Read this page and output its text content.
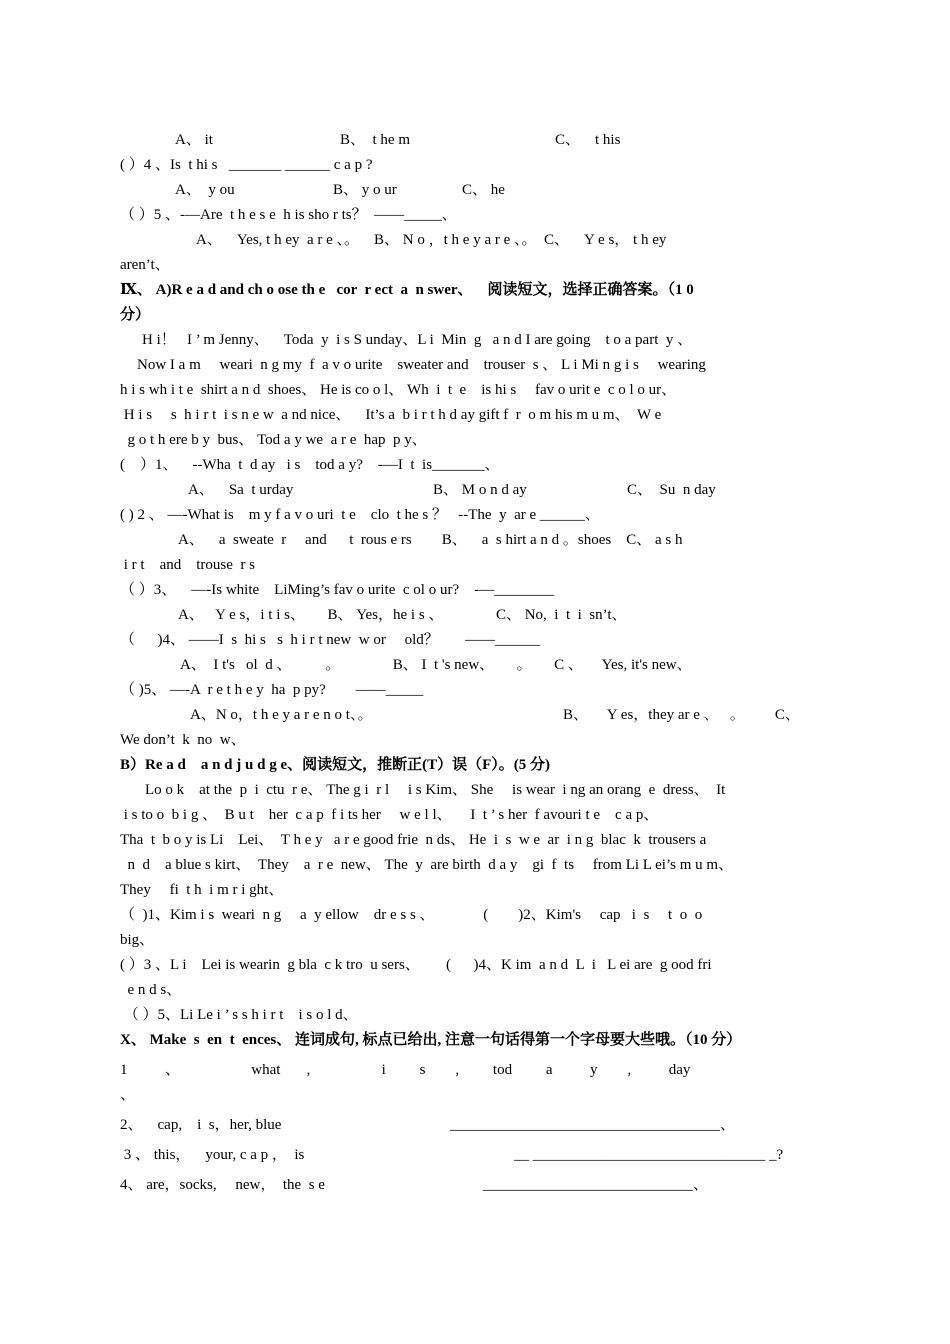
A、 it	B、  t he m	C、    t his
( ）4 、Is  t hi s   _______ ______ c a p ?
A、  y ou	B、 y o ur	C、 he
（ ）5 、-—Are  t h e s e  h is sho r ts？  ——_____、
A、    Yes, t h ey  a r e 、。    B、 N o ，t h e y a r e 、。  C、    Y e s， t h ey
aren’t、
Ⅸ、 A)R e a d and ch o ose th e   cor  r ect  a  n swer、    阅读短文，选择正确答案。（1 0
分）
H i！   I ’ m Jenny、    Toda  y  i s S unday、L i  Min  g   a n d I are going    t o a part  y 、
Now I a m     weari  n g my  f  a v o urite    sweater and    trouser  s 、 L i Mi n g i s     wearing
h i s wh i t e  shirt a n d  shoes、 He is co o l、 Wh  i  t  e    is hi s     fav o urit e  c o l o ur、
H i s     s  h i r t  i s n e w  a nd nice、    It’s a  b i r t h d ay gift f  r  o m his m u m、  W e
g o t h ere b y  bus、 Tod a y we  a r e  hap  p y、
(    ）1、    --Wha  t  d ay   i s    tod a y?    -—I  t  is_______、
A、    Sa  t urday	B、 M o n d ay	C、  Su  n day
( ) 2 、 —-What is    m y f a v o uri  t e    clo  t he s ？   --The  y  ar e ______、
A、    a  sweate  r     and      t  rous e rs        B、    a  s hirt a n d 。shoes    C、 a s h
i r t    and    trouse  r s
（ ）3、    —-Is white    LiMing’s fav o urite  c ol o ur?    -—________
A、   Y e s，i t i s、      B、 Yes，he i s 、              C、 No,  i  t  i  sn’t、
（      )4、 ——I  s  hi s   s  h i r t new  w or     old？       ——______
A、  I t's   ol  d 、         。              B、 I  t 's new、      。      C 、     Yes, it's new、
（ )5、 —-A  r e t h e y  ha  p py?        ——_____
A、N o，t h e y a r e n o t、。	B、     Y es，they ar e 、   。        C、
We don’t  k  no  w、
B）Re a d    a n d j u d g e、阅读短文，推断正(T）误（F）。(5 分)
Lo o k    at the  p  i  ctu  r e、 The g i  r l     i s Kim、 She     is wear  i ng an orang  e  dress、  It
i s to o  b i g 、  B u t    her  c a p  f i ts her     w e l l、     I  t ’ s her  f avouri t e    c a p、
Tha  t  b o y is Li    Lei、  T h e y   a r e good frie  n ds、 He  i  s  w e  ar  i n g  blac  k  trousers a
n  d    a blue s kirt、  They    a  r e  new、 The  y  are birth  d a y    gi  f  ts     from Li L ei’s m u m、
They     fi  t h  i m r i ght、
（  )1、Kim i s  weari  n g     a  y ellow    dr e s s 、             (        )2、Kim's     cap   i  s     t  o  o
big、
( ）3 、L i    Lei is wearin  g bla  c k tro  u sers、       (      )4、K im  a n d  L  i   L ei are  g ood fri
e n d s、
（ ）5、Li Le i ’ s s h i r t    i s o l d、
X、 Make  s  en  t  ences、 连词成句, 标点已给出, 注意一句话得第一个字母要大些哦。（10 分）
1          、                   what       ,                   i         s        ,         tod         a          y        ,          day
、
2、    cap,    i  s，her, blue	____________________________________、
3 、 this，    your, c a p ，  is	__ _______________________________ _?
4、 are，socks,     new，  the  s e	____________________________、
